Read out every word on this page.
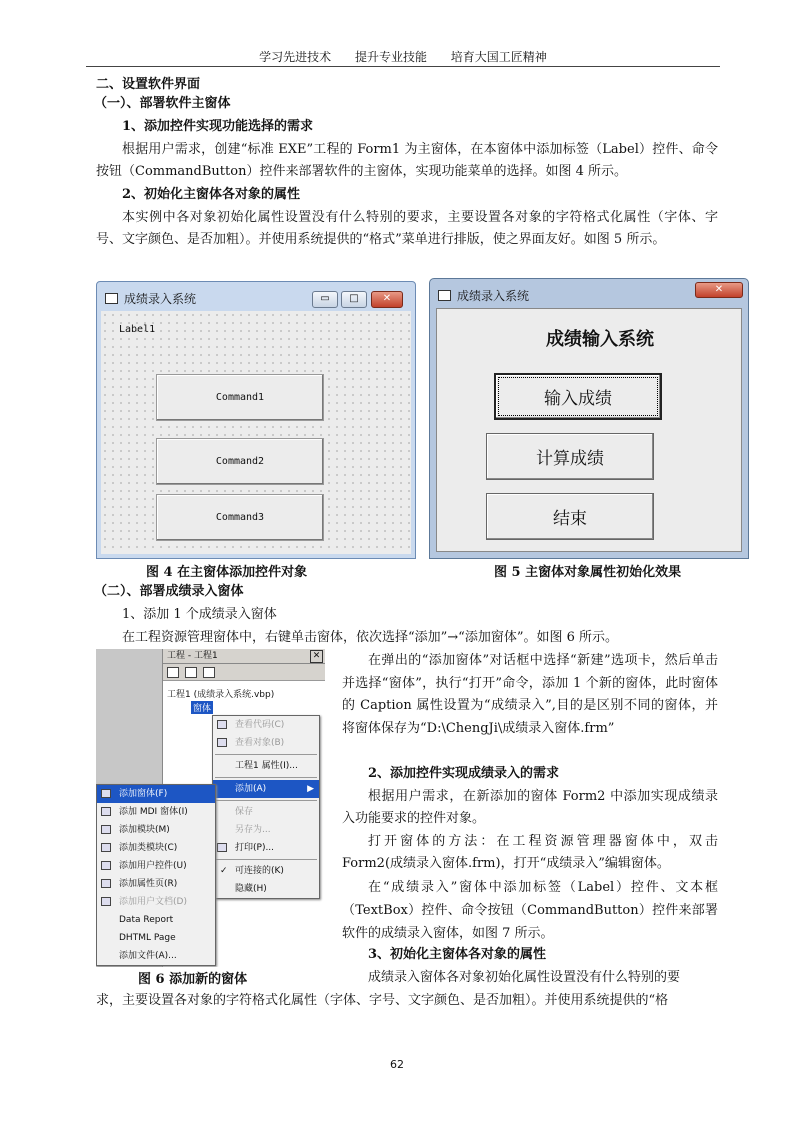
学习先进技术 提升专业技能 培育大国工匠精神
二、设置软件界面
（一）、部署软件主窗体
1、添加控件实现功能选择的需求
根据用户需求，创建“标准 EXE”工程的 Form1 为主窗体，在本窗体中添加标签（Label）控件、命令按钮（CommandButton）控件来部署软件的主窗体，实现功能菜单的选择。如图 4 所示。
2、初始化主窗体各对象的属性
本实例中各对象初始化属性设置没有什么特别的要求，主要设置各对象的字符格式化属性（字体、字号、文字颜色、是否加粗）。并使用系统提供的“格式”菜单进行排版，使之界面友好。如图 5 所示。
成绩录入系统	▭	□	✕
Label1
Command1
Command2
Command3
成绩录入系统	✕
成绩输入系统
输入成绩
计算成绩
结束
图 4 在主窗体添加控件对象	图 5 主窗体对象属性初始化效果
（二）、部署成绩录入窗体
1、添加 1 个成绩录入窗体
在工程资源管理窗体中，右键单击窗体，依次选择“添加”→“添加窗体”。如图 6 所示。
工程 - 工程1	✕
工程1 (成绩录入系统.vbp)
窗体
查看代码(C)
查看对象(B)
工程1 属性(I)...
添加(A)	▶
保存
另存为...
打印(P)...
✓ 可连接的(K)
隐藏(H)
添加窗体(F)
添加 MDI 窗体(I)
添加模块(M)
添加类模块(C)
添加用户控件(U)
添加属性页(R)
添加用户文档(D)
Data Report
DHTML Page
添加文件(A)...
在弹出的“添加窗体”对话框中选择“新建”选项卡，然后单击并选择“窗体”，执行“打开”命令，添加 1 个新的窗体，此时窗体的 Caption 属性设置为“成绩录入”,目的是区别不同的窗体，并将窗体保存为“D:\ChengJi\成绩录入窗体.frm”
2、添加控件实现成绩录入的需求
根据用户需求，在新添加的窗体 Form2 中添加实现成绩录入功能要求的控件对象。
打开窗体的方法：在工程资源管理器窗体中，双击 Form2(成绩录入窗体.frm)，打开“成绩录入”编辑窗体。
在“成绩录入”窗体中添加标签（Label）控件、文本框（TextBox）控件、命令按钮（CommandButton）控件来部署软件的成绩录入窗体，如图 7 所示。
3、初始化主窗体各对象的属性
图 6 添加新的窗体	成绩录入窗体各对象初始化属性设置没有什么特别的要
求，主要设置各对象的字符格式化属性（字体、字号、文字颜色、是否加粗）。并使用系统提供的“格
62
